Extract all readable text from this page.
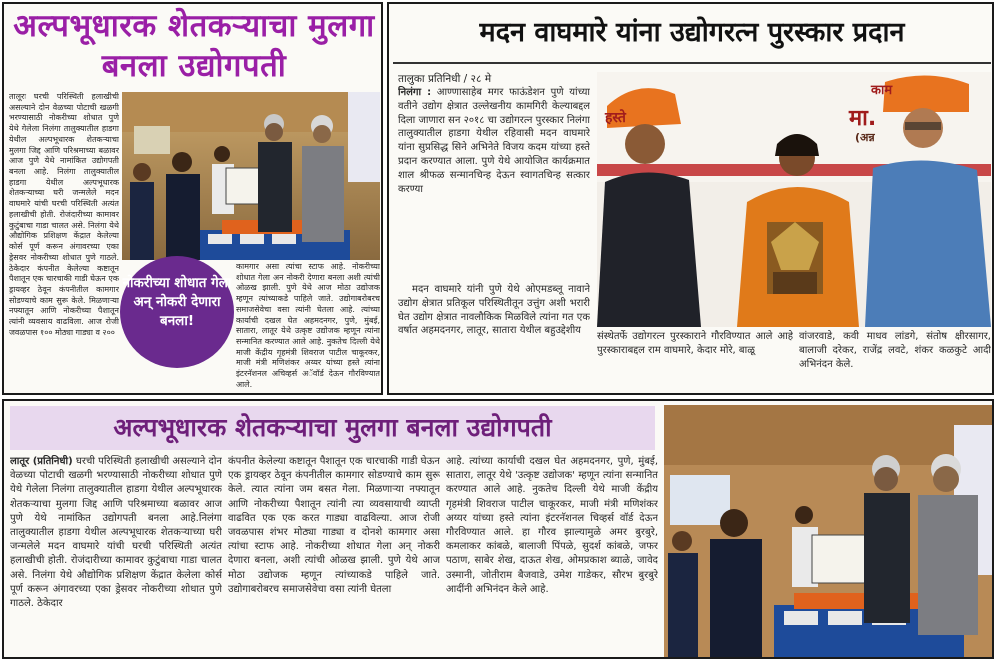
अल्पभूधारक शेतकऱ्याचा मुलगा बनला उद्योगपती
तालूरः घरची परिस्थिती हलाखीची असल्याने दोन वेळच्या पोटाची खळगी भरण्यासाठी नोकरीच्या शोधात पुणे येथे गेलेला निलंगा तालुक्यातील हाडगा येथील अल्पभूधारक शेतकऱ्याचा मुलगा जिद्द आणि परिश्रमाच्या बळावर आज पुणे येथे नामांकित उद्योगपती बनला आहे. निलंगा तालुक्यातील हाडगा येथील अल्पभूधारक शेतकऱ्याच्या घरी जन्मलेले मदन वाघमारे यांची घरची परिस्थिती अत्यंत हलाखीची होती. रोजंदारीच्या कामावर कुटुंबाचा गाडा चालत असे. निलंगा येथे औद्योगिक प्रशिक्षण केंद्रात केलेल्या कोर्स पूर्ण करून अंगावरच्या एका ड्रेसवर नोकरीच्या शोधात पुणे गाठले. ठेकेदार कंपनीत केलेल्या कष्टातून पैशातून एक चारचाकी गाडी घेऊन एक ड्रायव्हर ठेवून कंपनीतील कामगार सोडण्याचे काम सुरू केले. मिळणाऱ्या नफ्यातून आणि नोकरीच्या पैशातून त्यांनी व्यवसाय वाढविला. आज रोजी जवळपास १०० मोठ्या गाड्या व २००
कामगार असा त्यांचा स्टाफ आहे. नोकरीच्या शोधात गेला अन नोकरी देणारा बनला अशी त्यांची ओळख झाली. पुणे येथे आज मोठा उद्योजक म्हणून त्यांच्याकडे पाहिले जाते. उद्योगाबरोबरच समाजसेवेचा वसा त्यांनी घेतला आहे. त्यांच्या कार्याची दखल घेत अहमदनगर, पुणे, मुंबई, सातारा, लातूर येथे उत्कृष्ट उद्योजक म्हणून त्यांना सन्मानित करण्यात आले आहे. नुकतेच दिल्ली येथे माजी केंद्रीय गृहमंत्री शिवराज पाटील चाकूरकर, माजी मंत्री मणिशंकर अय्यर यांच्या हस्ते त्यांना इंटरनॅशनल अचिव्हर्स अॅवॉर्ड देऊन गौरविण्यात आले.
नोकरीच्या शोधात गेला अन् नोकरी देणारा बनला!
मदन वाघमारे यांना उद्योगरत्न पुरस्कार प्रदान
तालुका प्रतिनिधी / २८ मे
निलंगा : आण्णासाहेब मगर फाऊंडेशन पुणे यांच्या वतीने उद्योग क्षेत्रात उल्लेखनीय कामगिरी केल्याबद्दल दिला जाणारा सन २०१८ चा उद्योगरत्न पुरस्कार निलंगा तालुक्यातील हाडगा येथील रहिवासी मदन वाघमारे यांना सुप्रसिद्ध सिने अभिनेते विजय कदम यांच्या हस्ते प्रदान करण्यात आला. पुणे येथे आयोजित कार्यक्रमात शाल श्रीफळ सन्मानचिन्ह देऊन स्वागतचिन्ह सत्कार करण्या
मदन वाघमारे यांनी पुणे येथे ओएमडब्लू नावाने उद्योग क्षेत्रात प्रतिकूल परिस्थितीतून उत्तुंग अशी भरारी घेत उद्योग क्षेत्रात नावलौकिक मिळविले त्यांना गत एक वर्षात अहमदनगर, लातूर, सातारा येथील बहुउद्देशीय
हस्ते
काम
मा.
(अन्न
संस्थेतर्फे उद्योगरत्न पुरस्काराने गौरविण्यात आले आहे पुरस्काराबद्दल राम वाघमारे, केदार मोरे, बाळू
वांजरवाडे, कवी माधव लांडगे, संतोष क्षीरसागर, बालाजी दरेकर, राजेंद्र लवटे, शंकर कळकुटे आदी अभिनंदन केले.
अल्पभूधारक शेतकऱ्याचा मुलगा बनला उद्योगपती
लातूर (प्रतिनिधी) घरची परिस्थिती हलाखीची असल्याने दोन वेळच्या पोटाची खळगी भरण्यासाठी नोकरीच्या शोधात पुणे येथे गेलेला निलंगा तालुक्यातील हाडगा येथील अल्पभूधारक शेतकऱ्याचा मुलगा जिद्द आणि परिश्रमाच्या बळावर आज पुणे येथे नामांकित उद्योगपती बनला आहे.निलंगा तालुक्यातील हाडगा येथील अल्पभूधारक शेतकऱ्याच्या घरी जन्मलेले मदन वाघमारे यांची घरची परिस्थिती अत्यंत हलाखीची होती. रोजंदारीच्या कामावर कुटुंबाचा गाडा चालत असे. निलंगा येथे औद्योगिक प्रशिक्षण केंद्रात केलेला कोर्स पूर्ण करून अंगावरच्या एका ड्रेसवर नोकरीच्या शोधात पुणे गाठले. ठेकेदार
कंपनीत केलेल्या कष्टातून पैशातून एक चारचाकी गाडी घेऊन एक ड्रायव्हर ठेवून कंपनीतील कामगार सोडण्याचे काम सुरू केले. त्यात त्यांना जम बसत गेला. मिळणाऱ्या नफ्यातून आणि नोकरीच्या पैशातून त्यांनी त्या व्यवसायाची व्याप्ती वाढवित एक एक करत गाड्या वाढविल्या. आज रोजी जवळपास शंभर मोठ्या गाड्या व दोनशे कामगार असा त्यांचा स्टाफ आहे. नोकरीच्या शोधात गेला अन् नोकरी देणारा बनला, अशी त्यांची ओळख झाली. पुणे येथे आज मोठा उद्योजक म्हणून त्यांच्याकडे पाहिले जाते. उद्योगाबरोबरच समाजसेवेचा वसा त्यांनी घेतला
आहे. त्यांच्या कार्याची दखल घेत अहमदनगर, पुणे, मुंबई, सातारा, लातूर येथे 'उत्कृष्ट उद्योजक' म्हणून त्यांना सन्मानित करण्यात आले आहे. नुकतेच दिल्ली येथे माजी केंद्रीय गृहमंत्री शिवराज पाटील चाकूरकर, माजी मंत्री मणिशंकर अय्यर यांच्या हस्ते त्यांना इंटरनॅशनल चिव्हर्स वॉर्ड देऊन गौरविण्यात आले. हा गौरव झाल्यामुळे अमर बुरबुरे, कमलाकर कांबळे, बालाजी पिंपळे, सुदर्श कांबळे, जफर पठाण, साबेर शेख, दाऊत शेख, ओमप्रकाश ब्याळे, जावेद उस्मानी, जोतीराम बैजवाडे, उमेश गाडेकर, सौरभ बुरबुरे आदींनी अभिनंदन केले आहे.
